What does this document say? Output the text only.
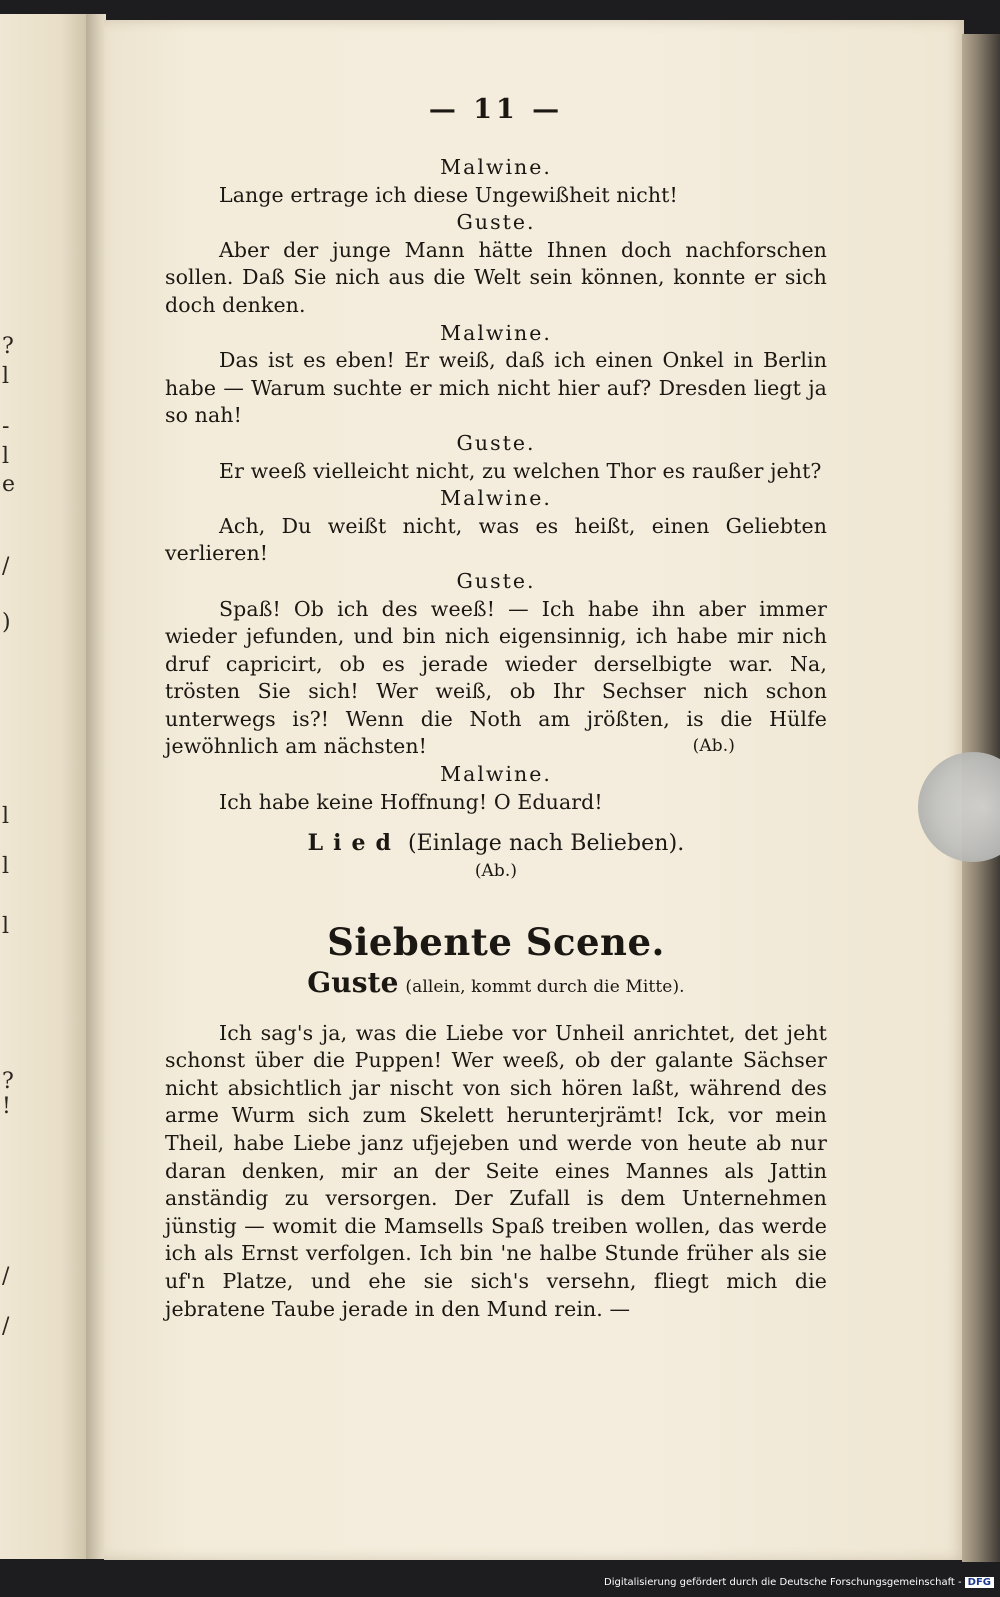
?
l
-
l
e
/
)
l
l
l
?
!
/
/
— 11 —

Malwine.

Lange ertrage ich diese Ungewißheit nicht!

Guste.

Aber der junge Mann hätte Ihnen doch nachforschen sollen. Daß Sie nich aus die Welt sein können, konnte er sich doch denken.

Malwine.

Das ist es eben! Er weiß, daß ich einen Onkel in Berlin habe — Warum suchte er mich nicht hier auf? Dresden liegt ja so nah!

Guste.

Er weeß vielleicht nicht, zu welchen Thor es raußer jeht?

Malwine.

Ach, Du weißt nicht, was es heißt, einen Geliebten verlieren!

Guste.

Spaß! Ob ich des weeß! — Ich habe ihn aber immer wieder jefunden, und bin nich eigensinnig, ich habe mir nich druf capricirt, ob es jerade wieder derselbigte war. Na, trösten Sie sich! Wer weiß, ob Ihr Sechser nich schon unterwegs is?! Wenn die Noth am jrößten, is die Hülfe jewöhnlich am nächsten!	(Ab.)

Malwine.

Ich habe keine Hoffnung! O Eduard!

Lied (Einlage nach Belieben).

(Ab.)

Siebente Scene.

Guste (allein, kommt durch die Mitte).

Ich sag's ja, was die Liebe vor Unheil anrichtet, det jeht schonst über die Puppen! Wer weeß, ob der galante Sächser nicht absichtlich jar nischt von sich hören laßt, während des arme Wurm sich zum Skelett herunterjrämt! Ick, vor mein Theil, habe Liebe janz ufjejeben und werde von heute ab nur daran denken, mir an der Seite eines Mannes als Jattin anständig zu versorgen. Der Zufall is dem Unternehmen jünstig — womit die Mamsells Spaß treiben wollen, das werde ich als Ernst verfolgen. Ich bin 'ne halbe Stunde früher als sie uf'n Platze, und ehe sie sich's versehn, fliegt mich die jebratene Taube jerade in den Mund rein. —

Digitalisierung gefördert durch die Deutsche Forschungsgemeinschaft - DFG
